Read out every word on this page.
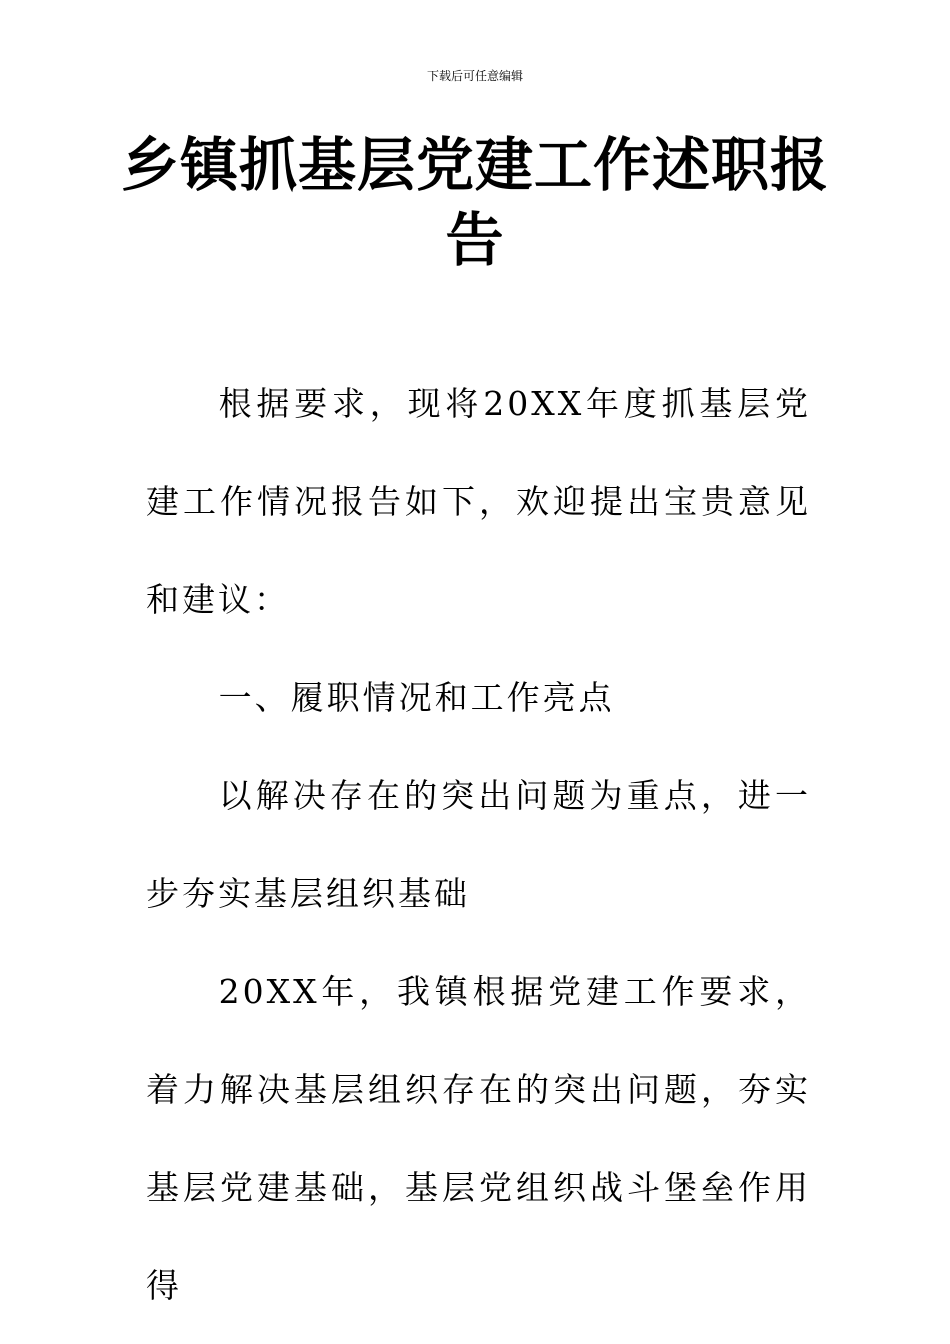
下载后可任意编辑
乡镇抓基层党建工作述职报告

根据要求，现将20XX年度抓基层党建工作情况报告如下，欢迎提出宝贵意见和建议：

一、履职情况和工作亮点

以解决存在的突出问题为重点，进一步夯实基层组织基础

20XX年，我镇根据党建工作要求，着力解决基层组织存在的突出问题，夯实基层党建基础，基层党组织战斗堡垒作用得
